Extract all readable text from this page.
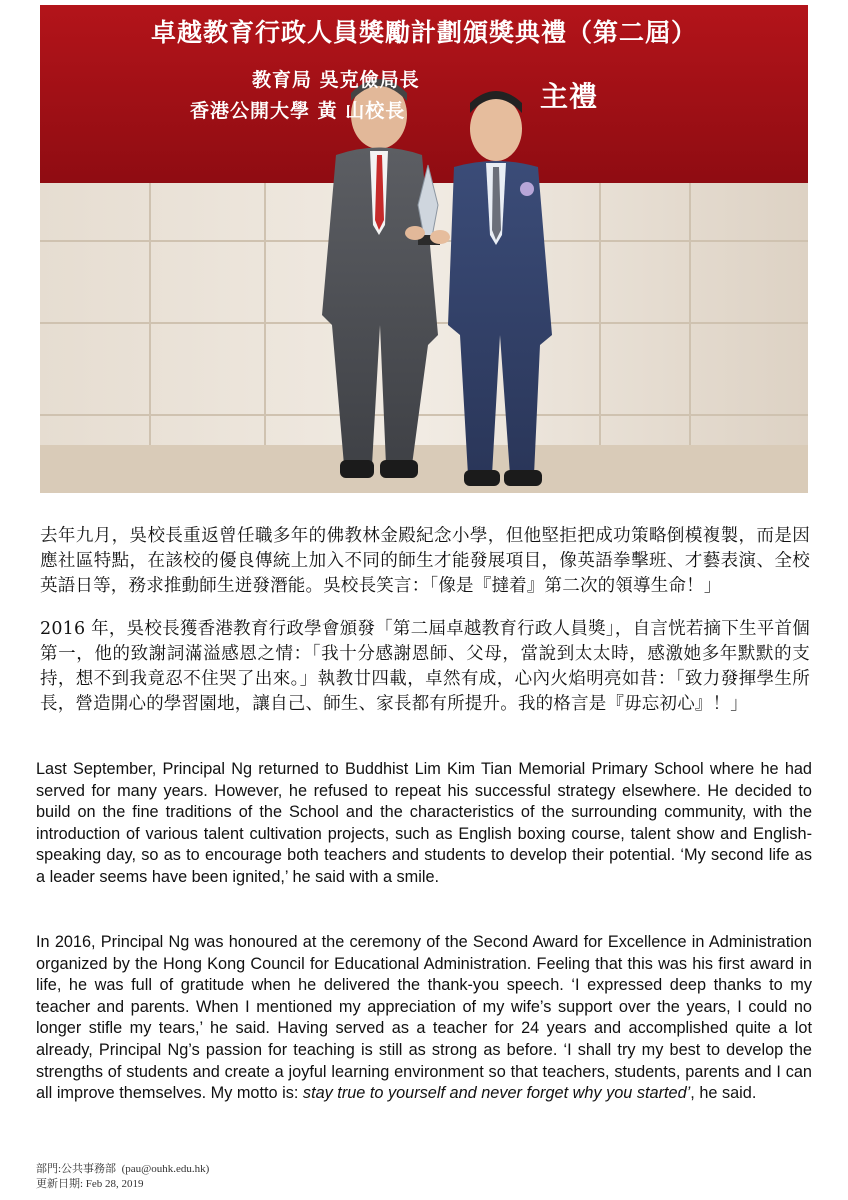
卓越教育行政人員獎勵計劃頒獎典禮（第二屆）
教育局 吳克儉局長
香港公開大學 黃 山校長	主禮

去年九月，吳校長重返曾任職多年的佛教林金殿紀念小學，但他堅拒把成功策略倒模複製，而是因應社區特點，在該校的優良傳統上加入不同的師生才能發展項目，像英語拳擊班、才藝表演、全校英語日等，務求推動師生迸發潛能。吳校長笑言：「像是『撻着』第二次的領導生命！」

2016 年，吳校長獲香港教育行政學會頒發「第二屆卓越教育行政人員獎」，自言恍若摘下生平首個第一，他的致謝詞滿溢感恩之情：「我十分感謝恩師、父母，當說到太太時，感激她多年默默的支持，想不到我竟忍不住哭了出來。」執教廿四載，卓然有成，心內火焰明亮如昔：「致力發揮學生所長，營造開心的學習園地，讓自己、師生、家長都有所提升。我的格言是『毋忘初心』！」

Last September, Principal Ng returned to Buddhist Lim Kim Tian Memorial Primary School where he had served for many years. However, he refused to repeat his successful strategy elsewhere. He decided to build on the fine traditions of the School and the characteristics of the surrounding community, with the introduction of various talent cultivation projects, such as English boxing course, talent show and English-speaking day, so as to encourage both teachers and students to develop their potential. ‘My second life as a leader seems have been ignited,’ he said with a smile.

In 2016, Principal Ng was honoured at the ceremony of the Second Award for Excellence in Administration organized by the Hong Kong Council for Educational Administration. Feeling that this was his first award in life, he was full of gratitude when he delivered the thank-you speech. ‘I expressed deep thanks to my teacher and parents. When I mentioned my appreciation of my wife’s support over the years, I could no longer stifle my tears,’ he said. Having served as a teacher for 24 years and accomplished quite a lot already, Principal Ng’s passion for teaching is still as strong as before. ‘I shall try my best to develop the strengths of students and create a joyful learning environment so that teachers, students, parents and I can all improve themselves. My motto is: stay true to yourself and never forget why you started’, he said.

部門:公共事務部 (pau@ouhk.edu.hk)
更新日期: Feb 28, 2019
